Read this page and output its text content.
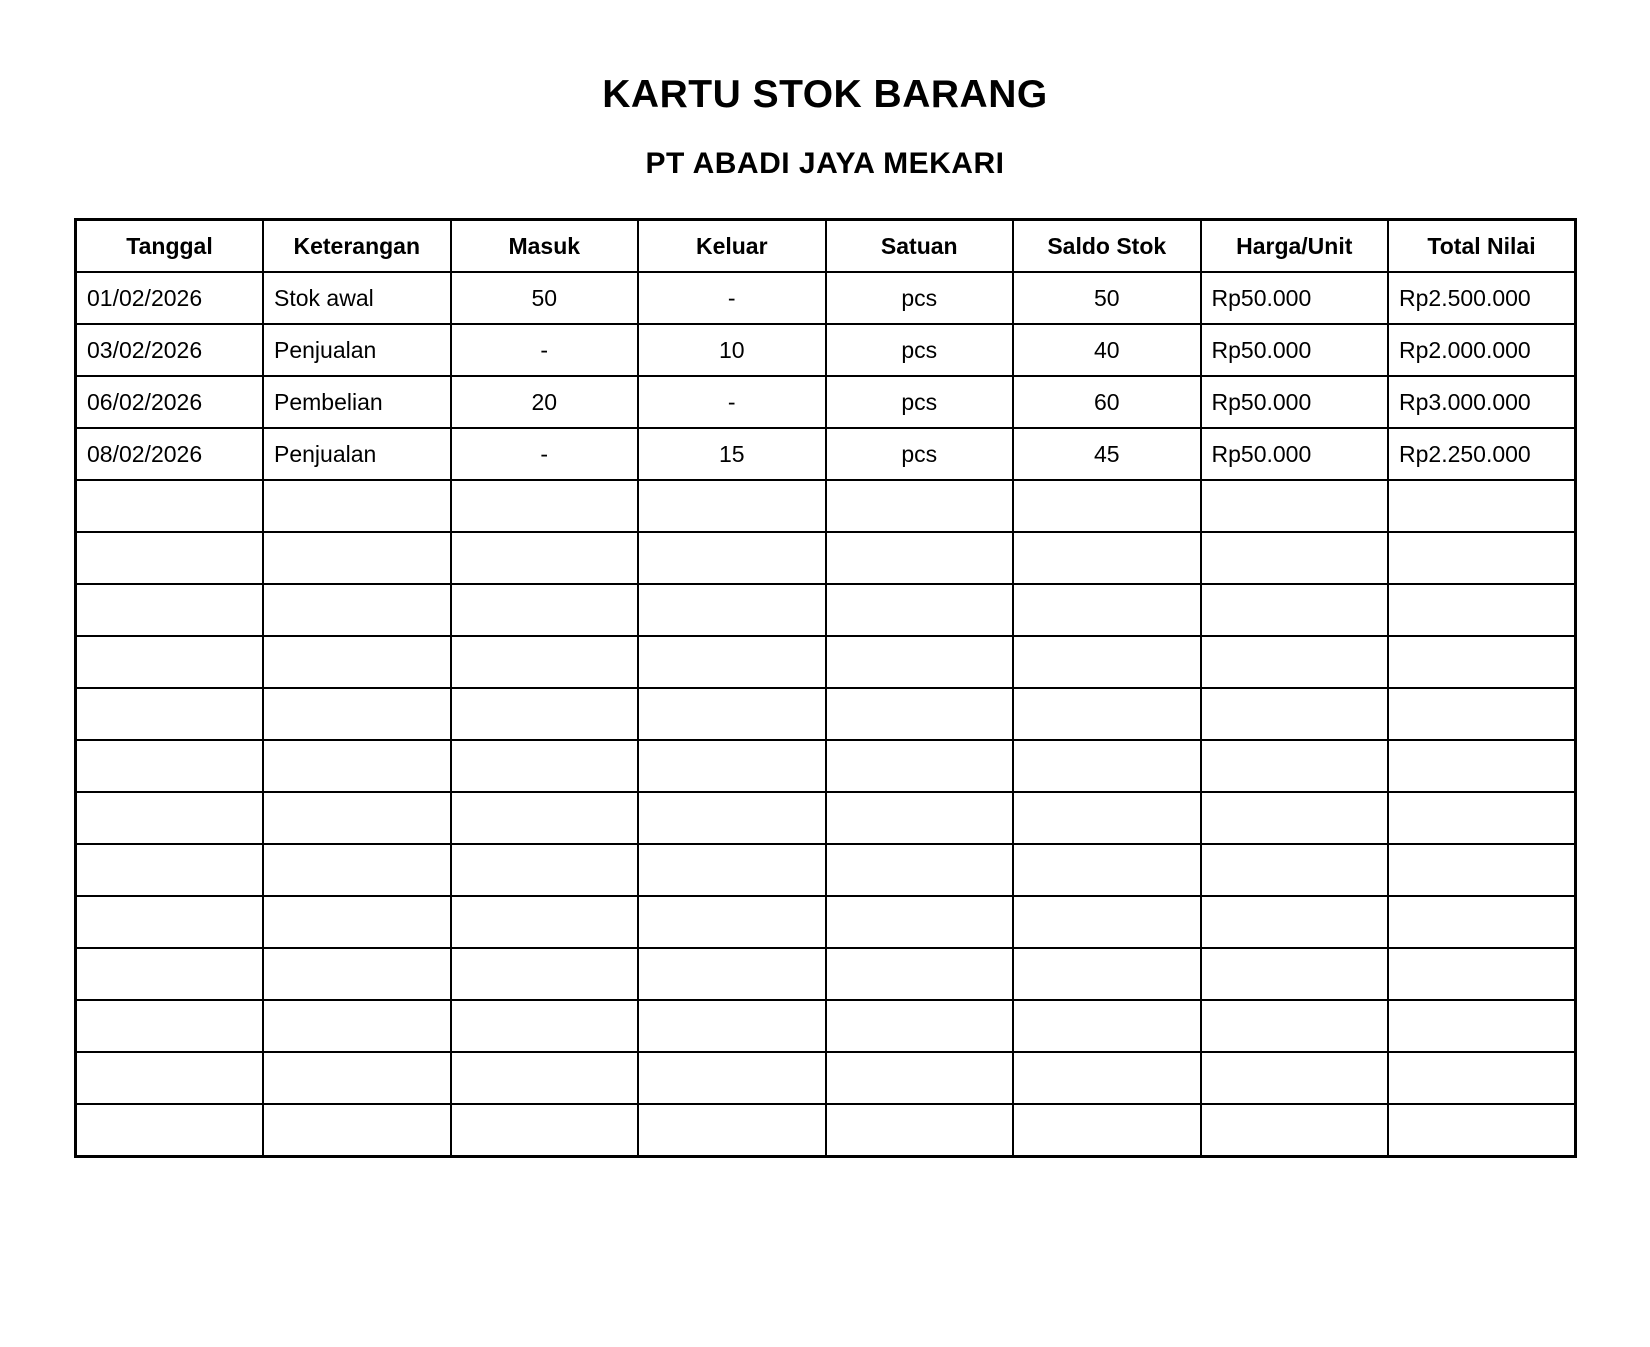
KARTU STOK BARANG
PT ABADI JAYA MEKARI
Tanggal	Keterangan	Masuk	Keluar	Satuan	Saldo Stok	Harga/Unit	Total Nilai
01/02/2026	Stok awal	50	-	pcs	50	Rp50.000	Rp2.500.000
03/02/2026	Penjualan	-	10	pcs	40	Rp50.000	Rp2.000.000
06/02/2026	Pembelian	20	-	pcs	60	Rp50.000	Rp3.000.000
08/02/2026	Penjualan	-	15	pcs	45	Rp50.000	Rp2.250.000
